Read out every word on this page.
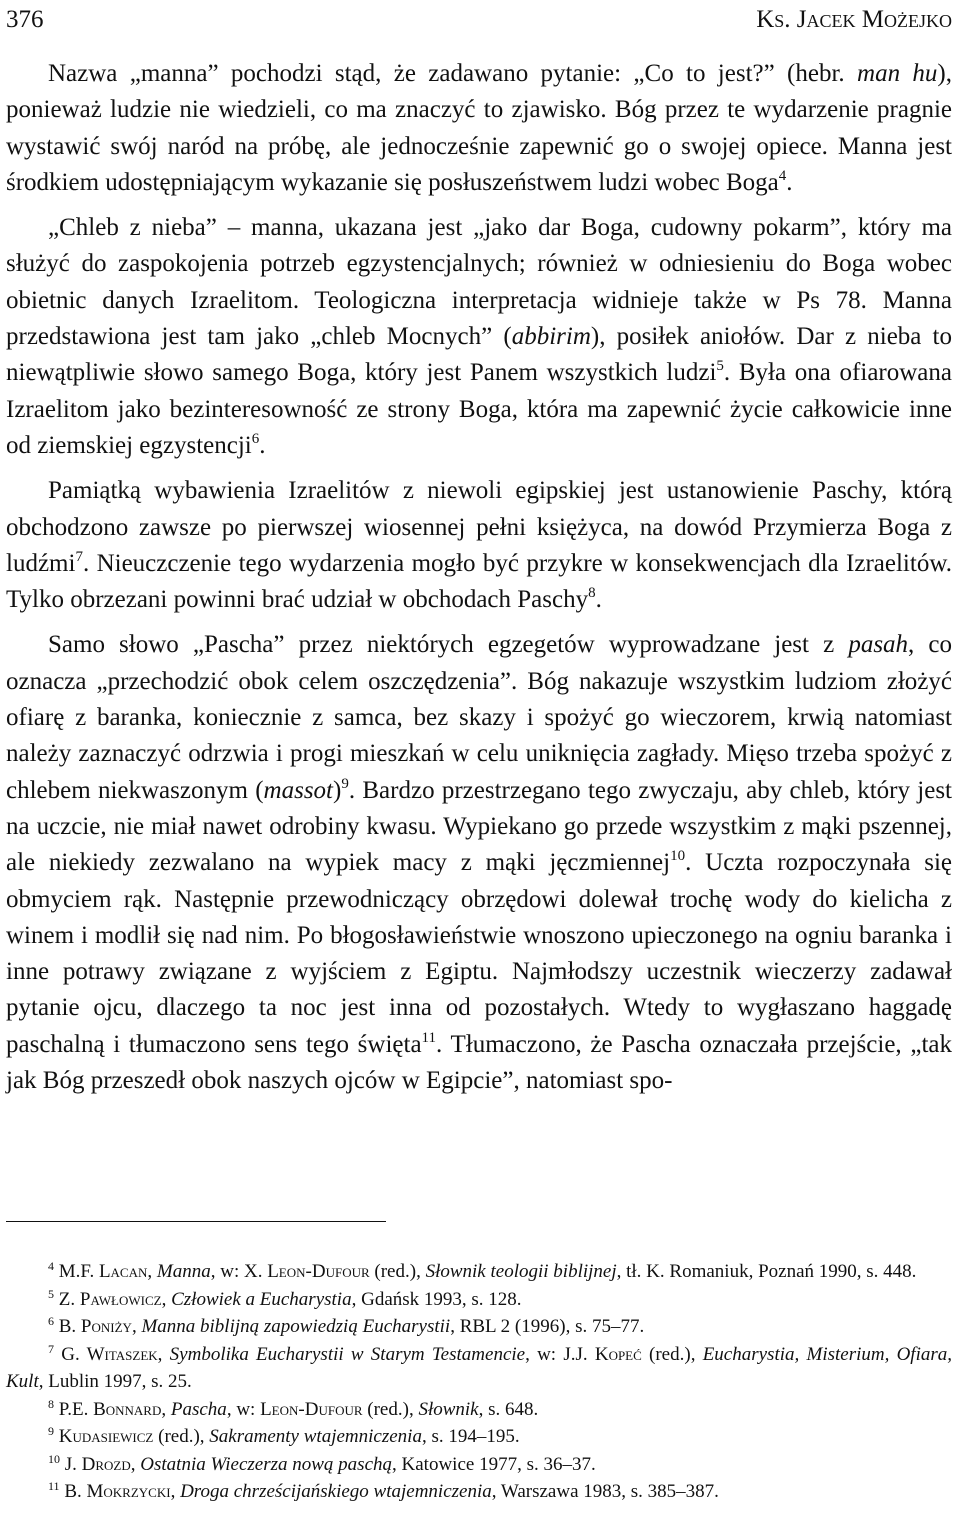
376	Ks. Jacek Możejko

Nazwa „manna” pochodzi stąd, że zadawano pytanie: „Co to jest?” (hebr. man hu), ponieważ ludzie nie wiedzieli, co ma znaczyć to zjawisko. Bóg przez te wydarzenie pragnie wystawić swój naród na próbę, ale jednocześnie zapewnić go o swojej opiece. Manna jest środkiem udostępniającym wykazanie się posłuszeństwem ludzi wobec Boga$^4$.

„Chleb z nieba” – manna, ukazana jest „jako dar Boga, cudowny pokarm”, który ma służyć do zaspokojenia potrzeb egzystencjalnych; również w odniesieniu do Boga wobec obietnic danych Izraelitom. Teologiczna interpretacja widnieje także w Ps 78. Manna przedstawiona jest tam jako „chleb Mocnych” (abbirim), posiłek aniołów. Dar z nieba to niewątpliwie słowo samego Boga, który jest Panem wszystkich ludzi$^5$. Była ona ofiarowana Izraelitom jako bezinteresowność ze strony Boga, która ma zapewnić życie całkowicie inne od ziemskiej egzystencji$^6$.

Pamiątką wybawienia Izraelitów z niewoli egipskiej jest ustanowienie Paschy, którą obchodzono zawsze po pierwszej wiosennej pełni księżyca, na dowód Przymierza Boga z ludźmi$^7$. Nieuczczenie tego wydarzenia mogło być przykre w konsekwencjach dla Izraelitów. Tylko obrzezani powinni brać udział w obchodach Paschy$^8$.

Samo słowo „Pascha” przez niektórych egzegetów wyprowadzane jest z pasah, co oznacza „przechodzić obok celem oszczędzenia”. Bóg nakazuje wszystkim ludziom złożyć ofiarę z baranka, koniecznie z samca, bez skazy i spożyć go wieczorem, krwią natomiast należy zaznaczyć odrzwia i progi mieszkań w celu uniknięcia zagłady. Mięso trzeba spożyć z chlebem niekwaszonym (massot)$^9$. Bardzo przestrzegano tego zwyczaju, aby chleb, który jest na uczcie, nie miał nawet odrobiny kwasu. Wypiekano go przede wszystkim z mąki pszennej, ale niekiedy zezwalano na wypiek macy z mąki jęczmiennej$^{10}$. Uczta rozpoczynała się obmyciem rąk. Następnie przewodniczący obrzędowi dolewał trochę wody do kielicha z winem i modlił się nad nim. Po błogosławieństwie wnoszono upieczonego na ogniu baranka i inne potrawy związane z wyjściem z Egiptu. Najmłodszy uczestnik wieczerzy zadawał pytanie ojcu, dlaczego ta noc jest inna od pozostałych. Wtedy to wygłaszano haggadę paschalną i tłumaczono sens tego święta$^{11}$. Tłumaczono, że Pascha oznaczała przejście, „tak jak Bóg przeszedł obok naszych ojców w Egipcie”, natomiast spo-

$^4$ M.F. Lacan, Manna, w: X. Leon-Dufour (red.), Słownik teologii biblijnej, tł. K. Romaniuk, Poznań 1990, s. 448.

$^5$ Z. Pawłowicz, Człowiek a Eucharystia, Gdańsk 1993, s. 128.

$^6$ B. Poniży, Manna biblijną zapowiedzią Eucharystii, RBL 2 (1996), s. 75–77.

$^7$ G. Witaszek, Symbolika Eucharystii w Starym Testamencie, w: J.J. Kopeć (red.), Eucharystia, Misterium, Ofiara, Kult, Lublin 1997, s. 25.

$^8$ P.E. Bonnard, Pascha, w: Leon-Dufour (red.), Słownik, s. 648.

$^9$ Kudasiewicz (red.), Sakramenty wtajemniczenia, s. 194–195.

$^{10}$ J. Drozd, Ostatnia Wieczerza nową paschą, Katowice 1977, s. 36–37.

$^{11}$ B. Mokrzycki, Droga chrześcijańskiego wtajemniczenia, Warszawa 1983, s. 385–387.
